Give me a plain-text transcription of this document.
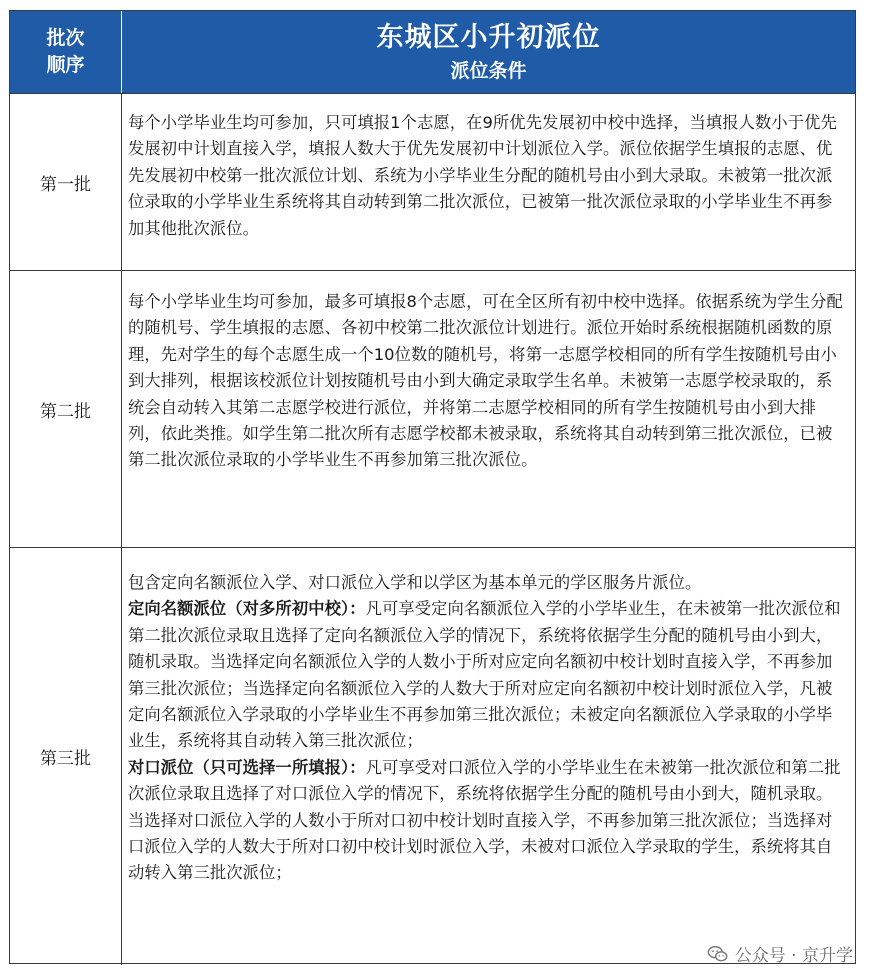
批次
顺序
东城区小升初派位
派位条件
第一批

每个小学毕业生均可参加，只可填报1个志愿，在9所优先发展初中校中选择，当填报人数小于优先发展初中计划直接入学，填报人数大于优先发展初中计划派位入学。派位依据学生填报的志愿、优先发展初中校第一批次派位计划、系统为小学毕业生分配的随机号由小到大录取。未被第一批次派位录取的小学毕业生系统将其自动转到第二批次派位，已被第一批次派位录取的小学毕业生不再参加其他批次派位。

第二批

每个小学毕业生均可参加，最多可填报8个志愿，可在全区所有初中校中选择。依据系统为学生分配的随机号、学生填报的志愿、各初中校第二批次派位计划进行。派位开始时系统根据随机函数的原理，先对学生的每个志愿生成一个10位数的随机号，将第一志愿学校相同的所有学生按随机号由小到大排列，根据该校派位计划按随机号由小到大确定录取学生名单。未被第一志愿学校录取的，系统会自动转入其第二志愿学校进行派位，并将第二志愿学校相同的所有学生按随机号由小到大排列，依此类推。如学生第二批次所有志愿学校都未被录取，系统将其自动转到第三批次派位，已被第二批次派位录取的小学毕业生不再参加第三批次派位。

第三批

包含定向名额派位入学、对口派位入学和以学区为基本单元的学区服务片派位。

定向名额派位（对多所初中校）：凡可享受定向名额派位入学的小学毕业生，在未被第一批次派位和第二批次派位录取且选择了定向名额派位入学的情况下，系统将依据学生分配的随机号由小到大，随机录取。当选择定向名额派位入学的人数小于所对应定向名额初中校计划时直接入学，不再参加第三批次派位；当选择定向名额派位入学的人数大于所对应定向名额初中校计划时派位入学，凡被定向名额派位入学录取的小学毕业生不再参加第三批次派位；未被定向名额派位入学录取的小学毕业生，系统将其自动转入第三批次派位；

对口派位（只可选择一所填报）：凡可享受对口派位入学的小学毕业生在未被第一批次派位和第二批次派位录取且选择了对口派位入学的情况下，系统将依据学生分配的随机号由小到大，随机录取。当选择对口派位入学的人数小于所对口初中校计划时直接入学，不再参加第三批次派位；当选择对口派位入学的人数大于所对口初中校计划时派位入学，未被对口派位入学录取的学生，系统将其自动转入第三批次派位；

公众号 · 京升学
